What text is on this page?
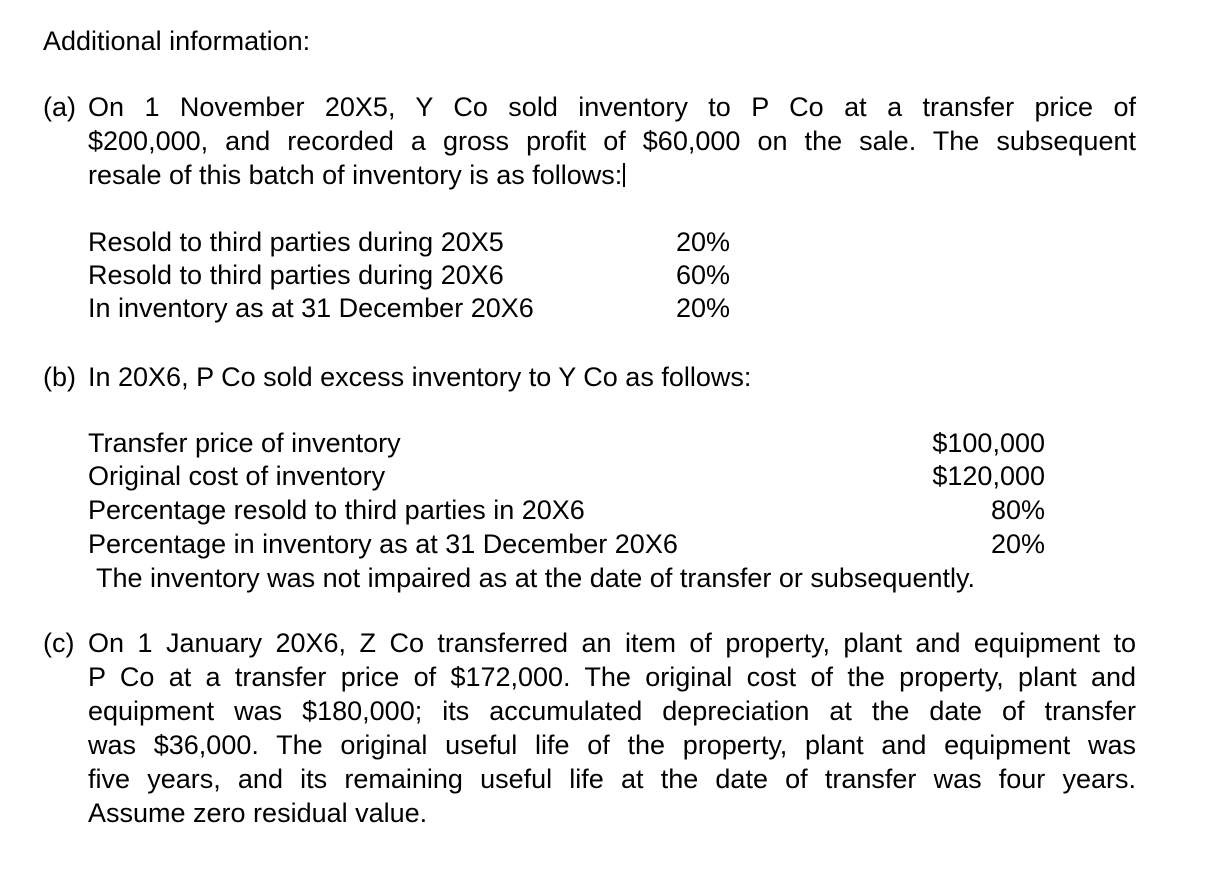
Additional information:
(a) On 1 November 20X5, Y Co sold inventory to P Co at a transfer price of
$200,000, and recorded a gross profit of $60,000 on the sale. The subsequent
resale of this batch of inventory is as follows:
Resold to third parties during 20X5	20%
Resold to third parties during 20X6	60%
In inventory as at 31 December 20X6	20%
(b) In 20X6, P Co sold excess inventory to Y Co as follows:
Transfer price of inventory	$100,000
Original cost of inventory	$120,000
Percentage resold to third parties in 20X6	80%
Percentage in inventory as at 31 December 20X6	20%
The inventory was not impaired as at the date of transfer or subsequently.
(c) On 1 January 20X6, Z Co transferred an item of property, plant and equipment to
P Co at a transfer price of $172,000. The original cost of the property, plant and
equipment was $180,000; its accumulated depreciation at the date of transfer
was $36,000. The original useful life of the property, plant and equipment was
five years, and its remaining useful life at the date of transfer was four years.
Assume zero residual value.
